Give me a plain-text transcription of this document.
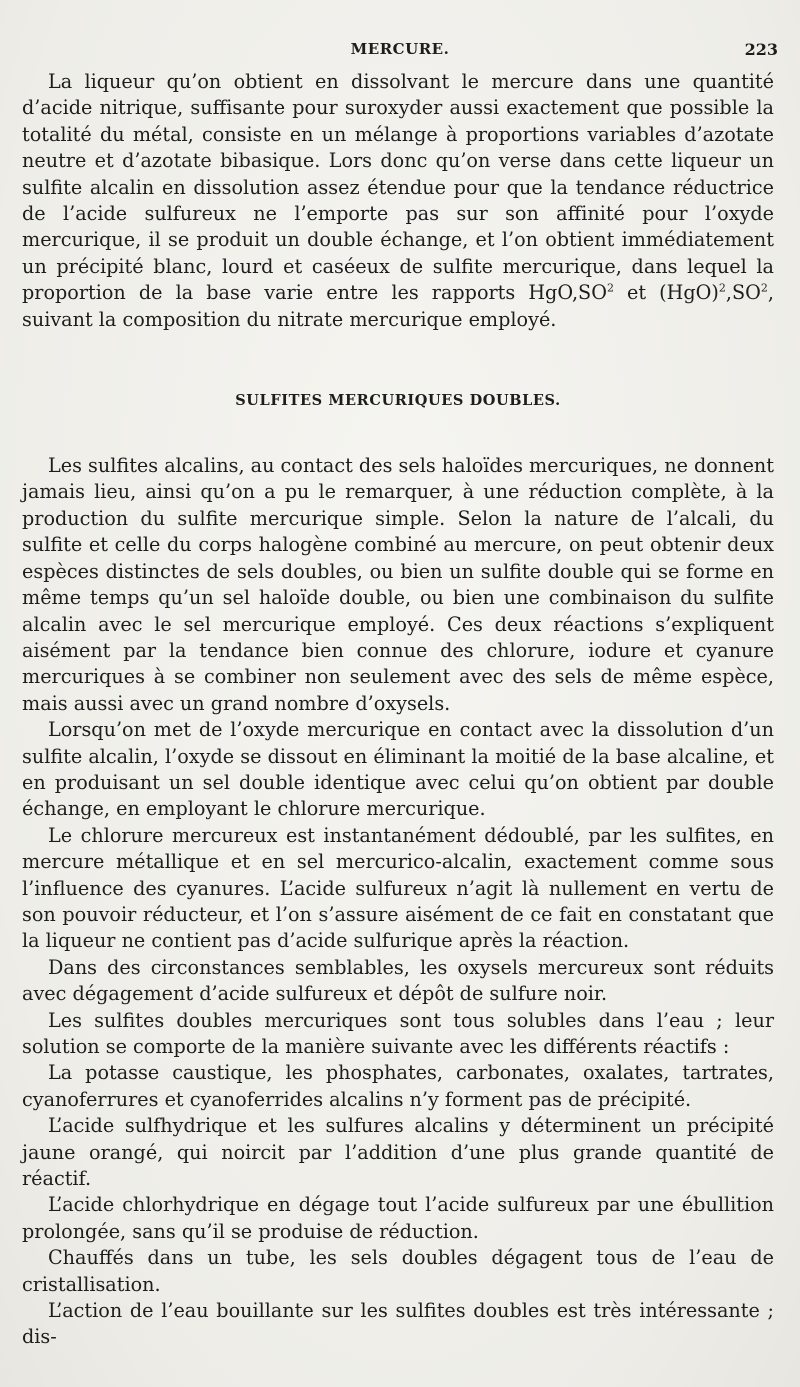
MERCURE.	223

La liqueur qu’on obtient en dissolvant le mercure dans une quantité d’acide nitrique, suffisante pour suroxyder aussi exactement que possible la totalité du métal, consiste en un mélange à proportions variables d’azotate neutre et d’azotate bibasique. Lors donc qu’on verse dans cette liqueur un sulfite alcalin en dissolution assez étendue pour que la tendance réductrice de l’acide sulfureux ne l’emporte pas sur son affinité pour l’oxyde mercurique, il se produit un double échange, et l’on obtient immédiatement un précipité blanc, lourd et caséeux de sulfite mercurique, dans lequel la proportion de la base varie entre les rapports $HgO,SO^2$ et $(HgO)^2,SO^2$, suivant la composition du nitrate mercurique employé.

SULFITES MERCURIQUES DOUBLES.

Les sulfites alcalins, au contact des sels haloïdes mercuriques, ne donnent jamais lieu, ainsi qu’on a pu le remarquer, à une réduction complète, à la production du sulfite mercurique simple. Selon la nature de l’alcali, du sulfite et celle du corps halogène combiné au mercure, on peut obtenir deux espèces distinctes de sels doubles, ou bien un sulfite double qui se forme en même temps qu’un sel haloïde double, ou bien une combinaison du sulfite alcalin avec le sel mercurique employé. Ces deux réactions s’expliquent aisément par la tendance bien connue des chlorure, iodure et cyanure mercuriques à se combiner non seulement avec des sels de même espèce, mais aussi avec un grand nombre d’oxysels.

Lorsqu’on met de l’oxyde mercurique en contact avec la dissolution d’un sulfite alcalin, l’oxyde se dissout en éliminant la moitié de la base alcaline, et en produisant un sel double identique avec celui qu’on obtient par double échange, en employant le chlorure mercurique.

Le chlorure mercureux est instantanément dédoublé, par les sulfites, en mercure métallique et en sel mercurico-alcalin, exactement comme sous l’influence des cyanures. L’acide sulfureux n’agit là nullement en vertu de son pouvoir réducteur, et l’on s’assure aisément de ce fait en constatant que la liqueur ne contient pas d’acide sulfurique après la réaction.

Dans des circonstances semblables, les oxysels mercureux sont réduits avec dégagement d’acide sulfureux et dépôt de sulfure noir.

Les sulfites doubles mercuriques sont tous solubles dans l’eau ; leur solution se comporte de la manière suivante avec les différents réactifs :

La potasse caustique, les phosphates, carbonates, oxalates, tartrates, cyanoferrures et cyanoferrides alcalins n’y forment pas de précipité.

L’acide sulfhydrique et les sulfures alcalins y déterminent un précipité jaune orangé, qui noircit par l’addition d’une plus grande quantité de réactif.

L’acide chlorhydrique en dégage tout l’acide sulfureux par une ébullition prolongée, sans qu’il se produise de réduction.

Chauffés dans un tube, les sels doubles dégagent tous de l’eau de cristallisation.

L’action de l’eau bouillante sur les sulfites doubles est très intéressante ; dis-
